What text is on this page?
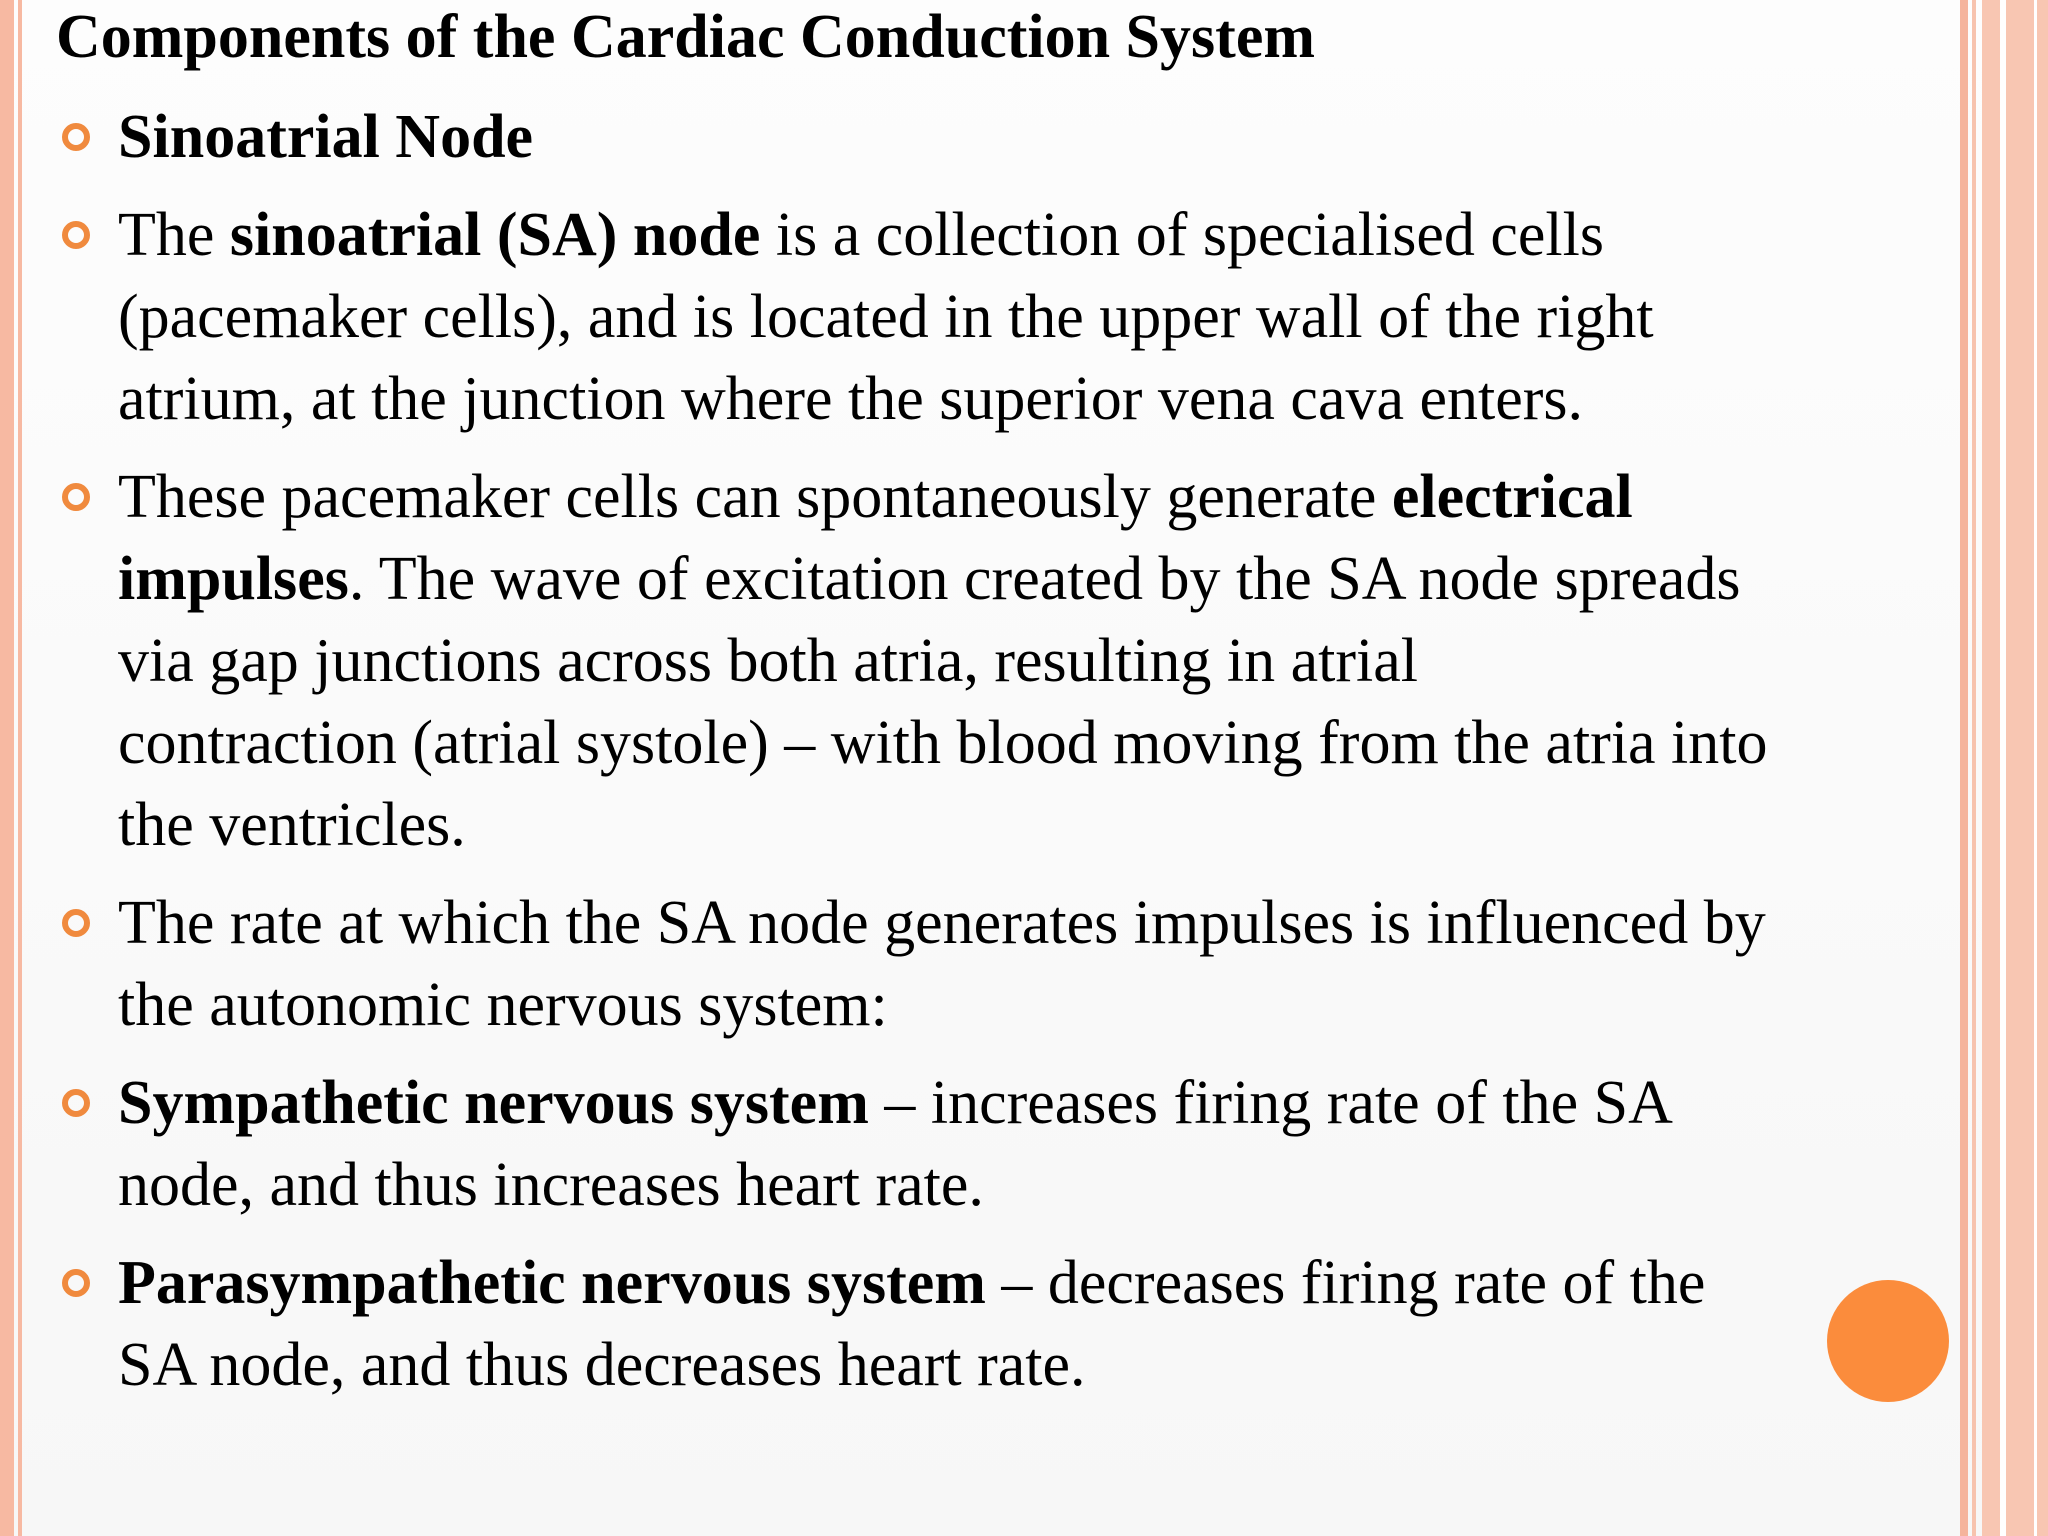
Components of the Cardiac Conduction System
Sinoatrial Node
The sinoatrial (SA) node is a collection of specialised cells
(pacemaker cells), and is located in the upper wall of the right
atrium, at the junction where the superior vena cava enters.
These pacemaker cells can spontaneously generate electrical
impulses. The wave of excitation created by the SA node spreads
via gap junctions across both atria, resulting in atrial
contraction (atrial systole) – with blood moving from the atria into
the ventricles.
The rate at which the SA node generates impulses is influenced by
the autonomic nervous system:
Sympathetic nervous system – increases firing rate of the SA
node, and thus increases heart rate.
Parasympathetic nervous system – decreases firing rate of the
SA node, and thus decreases heart rate.
